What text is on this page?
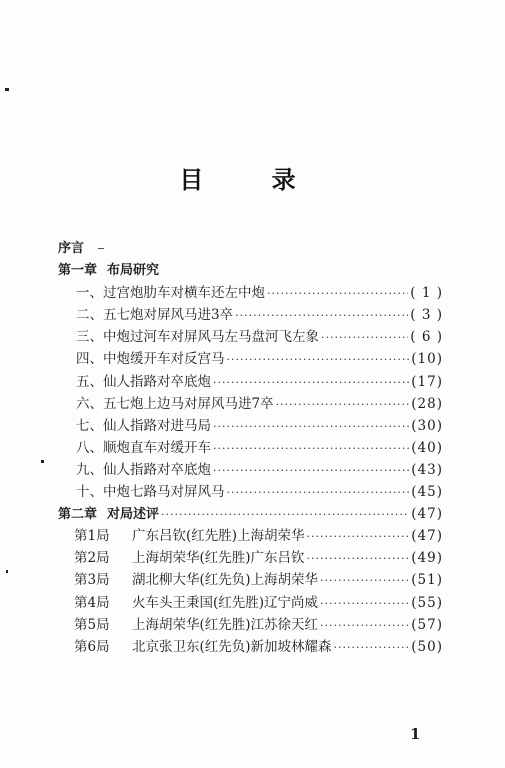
目 录
序言
第一章 布局研究
一、过宫炮肋车对横车还左中炮 ·····	( 1 )
二、五七炮对屏风马进3卒 ·····	( 3 )
三、中炮过河车对屏风马左马盘河飞左象 ·····	( 6 )
四、中炮缓开车对反宫马 ·····	(10)
五、仙人指路对卒底炮 ·····	(17)
六、五七炮上边马对屏风马进7卒 ·····	(28)
七、仙人指路对进马局 ·····	(30)
八、顺炮直车对缓开车 ·····	(40)
九、仙人指路对卒底炮 ·····	(43)
十、中炮七路马对屏风马 ·····	(45)
第二章 对局述评 ·····	(47)
第1局 广东吕钦(红先胜)上海胡荣华 ·····	(47)
第2局 上海胡荣华(红先胜)广东吕钦 ·····	(49)
第3局 湖北柳大华(红先负)上海胡荣华 ·····	(51)
第4局 火车头王秉国(红先胜)辽宁尚威 ·····	(55)
第5局 上海胡荣华(红先胜)江苏徐天红 ·····	(57)
第6局 北京张卫东(红先负)新加坡林耀森 ·····	(50)
1
